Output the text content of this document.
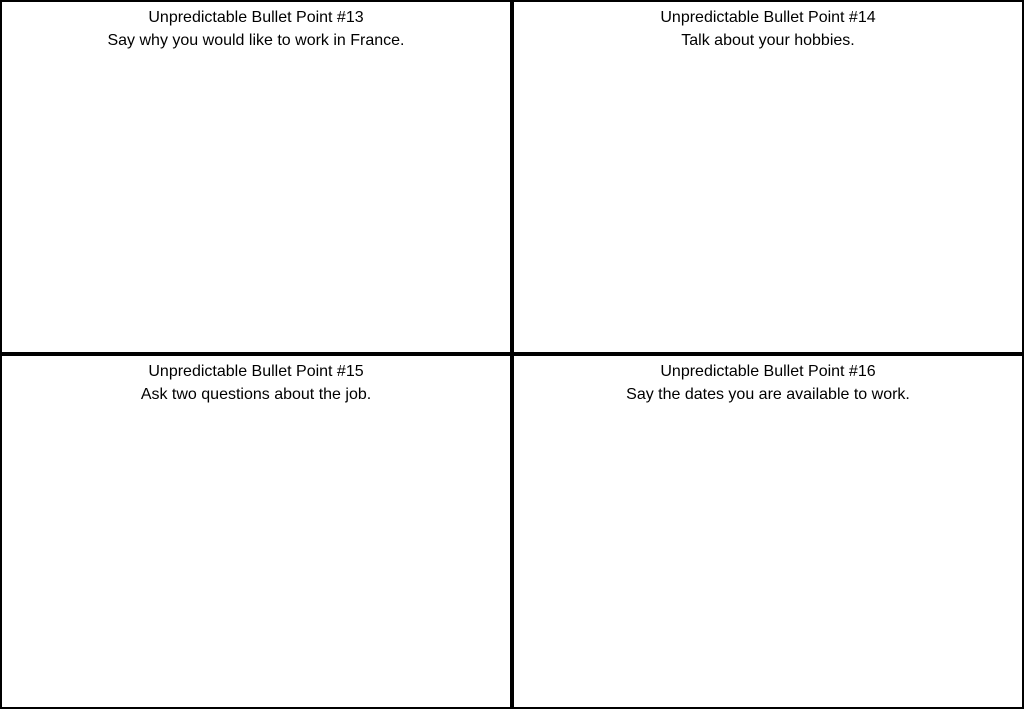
Unpredictable Bullet Point #13
Say why you would like to work in France.
Unpredictable Bullet Point #14
Talk about your hobbies.
Unpredictable Bullet Point #15
Ask two questions about the job.
Unpredictable Bullet Point #16
Say the dates you are available to work.
